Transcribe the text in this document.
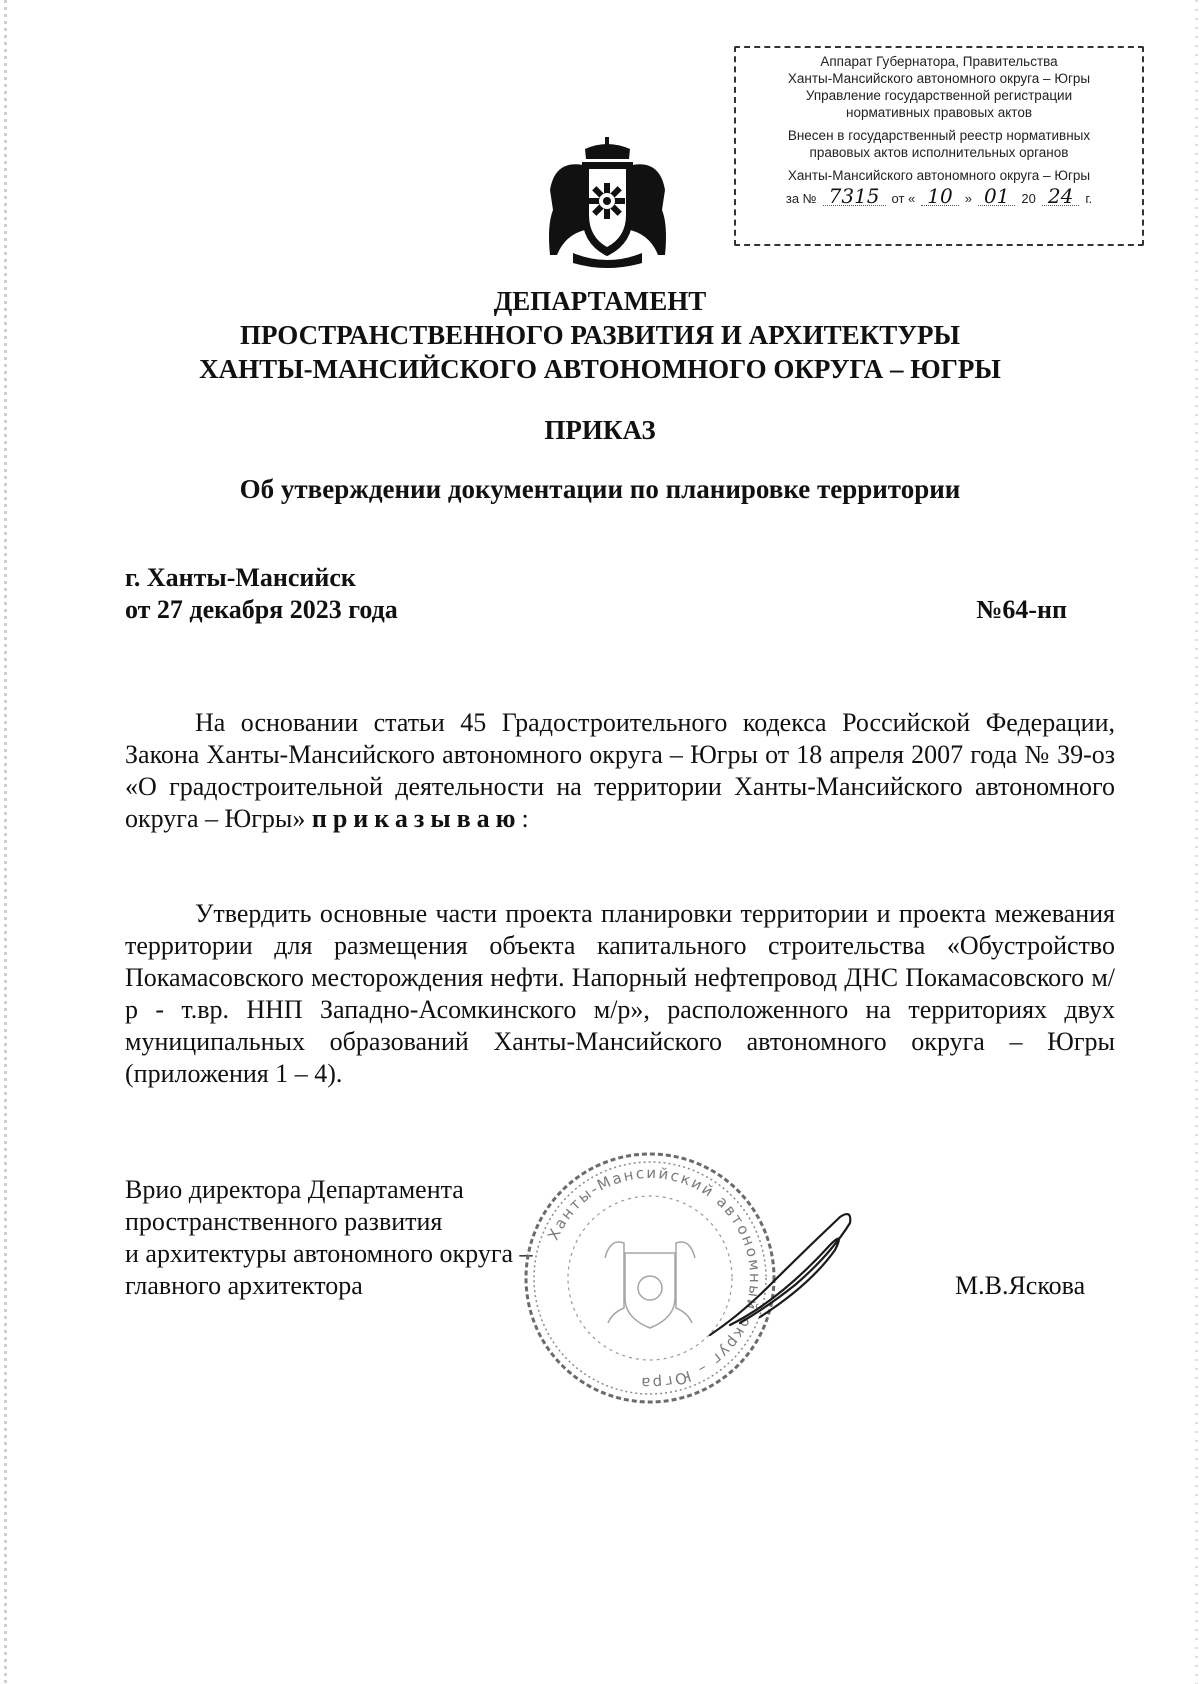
Аппарат Губернатора, Правительства
Ханты-Мансийского автономного округа – Югры
Управление государственной регистрации
нормативных правовых актов
Внесен в государственный реестр нормативных
правовых актов исполнительных органов
Ханты-Мансийского автономного округа – Югры
за № 7315 от « 10 » 01 20 24 г.
ДЕПАРТАМЕНТ
ПРОСТРАНСТВЕННОГО РАЗВИТИЯ И АРХИТЕКТУРЫ
ХАНТЫ-МАНСИЙСКОГО АВТОНОМНОГО ОКРУГА – ЮГРЫ
ПРИКАЗ
Об утверждении документации по планировке территории
г. Ханты-Мансийск
от 27 декабря 2023 года	№64-нп

На основании статьи 45 Градостроительного кодекса Российской Федерации, Закона Ханты-Мансийского автономного округа – Югры от 18 апреля 2007 года № 39-оз «О градостроительной деятельности на территории Ханты-Мансийского автономного округа – Югры» приказываю:

Утвердить основные части проекта планировки территории и проекта межевания территории для размещения объекта капитального строительства «Обустройство Покамасовского месторождения нефти. Напорный нефтепровод ДНС Покамасовского м/р - т.вр. ННП Западно-Асомкинского м/р», расположенного на территориях двух муниципальных образований Ханты-Мансийского автономного округа – Югры (приложения 1 – 4).

Врио директора Департамента
пространственного развития
и архитектуры автономного округа –
главного архитектора
Ханты-Мансийский автономный округ – Югра
М.В.Яскова
